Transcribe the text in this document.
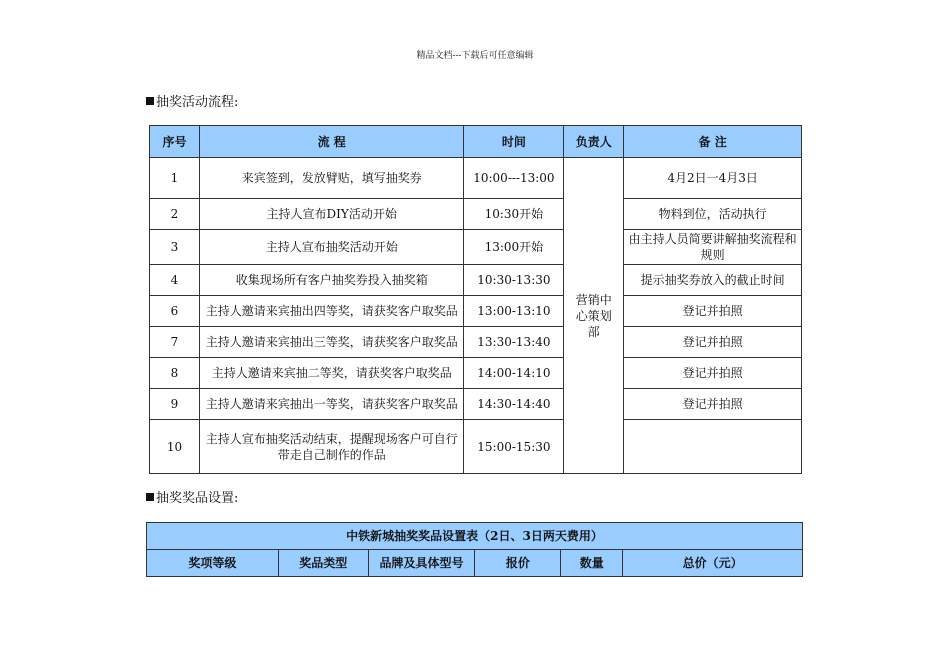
精品文档---下载后可任意编辑
抽奖活动流程:
序号	流 程	时间	负责人	备 注
1	来宾签到，发放臂贴，填写抽奖券	10:00---13:00	营销中心策划部	4月2日一4月3日
2	主持人宣布DIY活动开始	10:30开始		物料到位，活动执行
3	主持人宣布抽奖活动开始	13:00开始		由主持人员简要讲解抽奖流程和规则
4	收集现场所有客户抽奖券投入抽奖箱	10:30-13:30		提示抽奖券放入的截止时间
6	主持人邀请来宾抽出四等奖，请获奖客户取奖品	13:00-13:10		登记并拍照
7	主持人邀请来宾抽出三等奖，请获奖客户取奖品	13:30-13:40		登记并拍照
8	主持人邀请来宾抽二等奖，请获奖客户取奖品	14:00-14:10		登记并拍照
9	主持人邀请来宾抽出一等奖，请获奖客户取奖品	14:30-14:40		登记并拍照
10	主持人宣布抽奖活动结束，提醒现场客户可自行带走自己制作的作品	15:00-15:30		
抽奖奖品设置:
中铁新城抽奖奖品设置表（2日、3日两天费用）
奖项等级	奖品类型	品牌及具体型号	报价	数量	总价（元）
